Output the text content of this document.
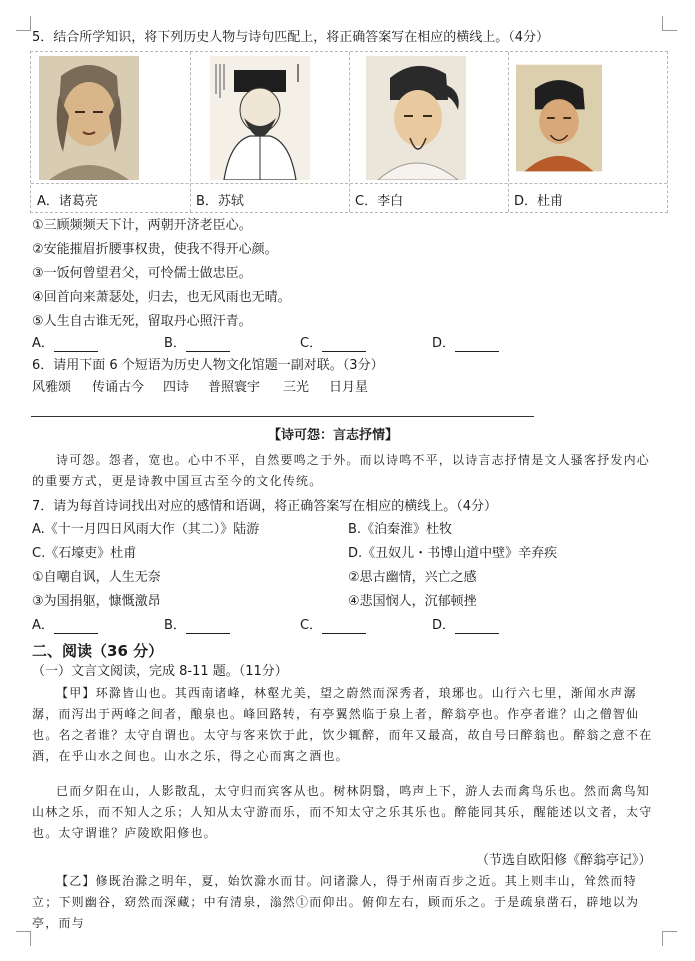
5．结合所学知识，将下列历史人物与诗句匹配上，将正确答案写在相应的横线上。（4分）
A．诸葛亮	B．苏轼	C．李白	D．杜甫
①三顾频频天下计，两朝开济老臣心。
②安能摧眉折腰事权贵，使我不得开心颜。
③一饭何曾望君父，可怜儒士做忠臣。
④回首向来萧瑟处，归去，也无风雨也无晴。
⑤人生自古谁无死，留取丹心照汗青。
A．	B．	C．	D．
6．请用下面 6 个短语为历史人物文化馆题一副对联。（3分）
风雅颂 传诵古今 四诗 普照寰宇 三光 日月星
【诗可怨：言志抒情】
诗可怨。怨者，宽也。心中不平，自然要鸣之于外。而以诗鸣不平，以诗言志抒情是文人骚客抒发内心的重要方式，更是诗教中国亘古至今的文化传统。
7．请为每首诗词找出对应的感情和语调，将正确答案写在相应的横线上。（4分）
A.《十一月四日风雨大作（其二）》陆游	B.《泊秦淮》杜牧
C.《石壕吏》杜甫	D.《丑奴儿・书博山道中壁》辛弃疾
①自嘲自讽，人生无奈	②思古幽情，兴亡之感
③为国捐躯，慷慨激昂	④悲国悯人，沉郁顿挫
A．	B．	C．	D．
二、阅读（36 分）
（一）文言文阅读，完成 8-11 题。（11分）
【甲】环滁皆山也。其西南诸峰，林壑尤美，望之蔚然而深秀者，琅琊也。山行六七里，渐闻水声潺潺，而泻出于两峰之间者，酿泉也。峰回路转，有亭翼然临于泉上者，醉翁亭也。作亭者谁？山之僧智仙也。名之者谁？太守自谓也。太守与客来饮于此，饮少辄醉，而年又最高，故自号曰醉翁也。醉翁之意不在酒，在乎山水之间也。山水之乐，得之心而寓之酒也。
已而夕阳在山，人影散乱，太守归而宾客从也。树林阴翳，鸣声上下，游人去而禽鸟乐也。然而禽鸟知山林之乐，而不知人之乐；人知从太守游而乐，而不知太守之乐其乐也。醉能同其乐，醒能述以文者，太守也。太守谓谁？庐陵欧阳修也。
（节选自欧阳修《醉翁亭记》）
【乙】修既治滁之明年，夏，始饮滁水而甘。问诸滁人，得于州南百步之近。其上则丰山，耸然而特立；下则幽谷，窈然而深藏；中有清泉，滃然①而仰出。俯仰左右，顾而乐之。于是疏泉凿石，辟地以为亭，而与
